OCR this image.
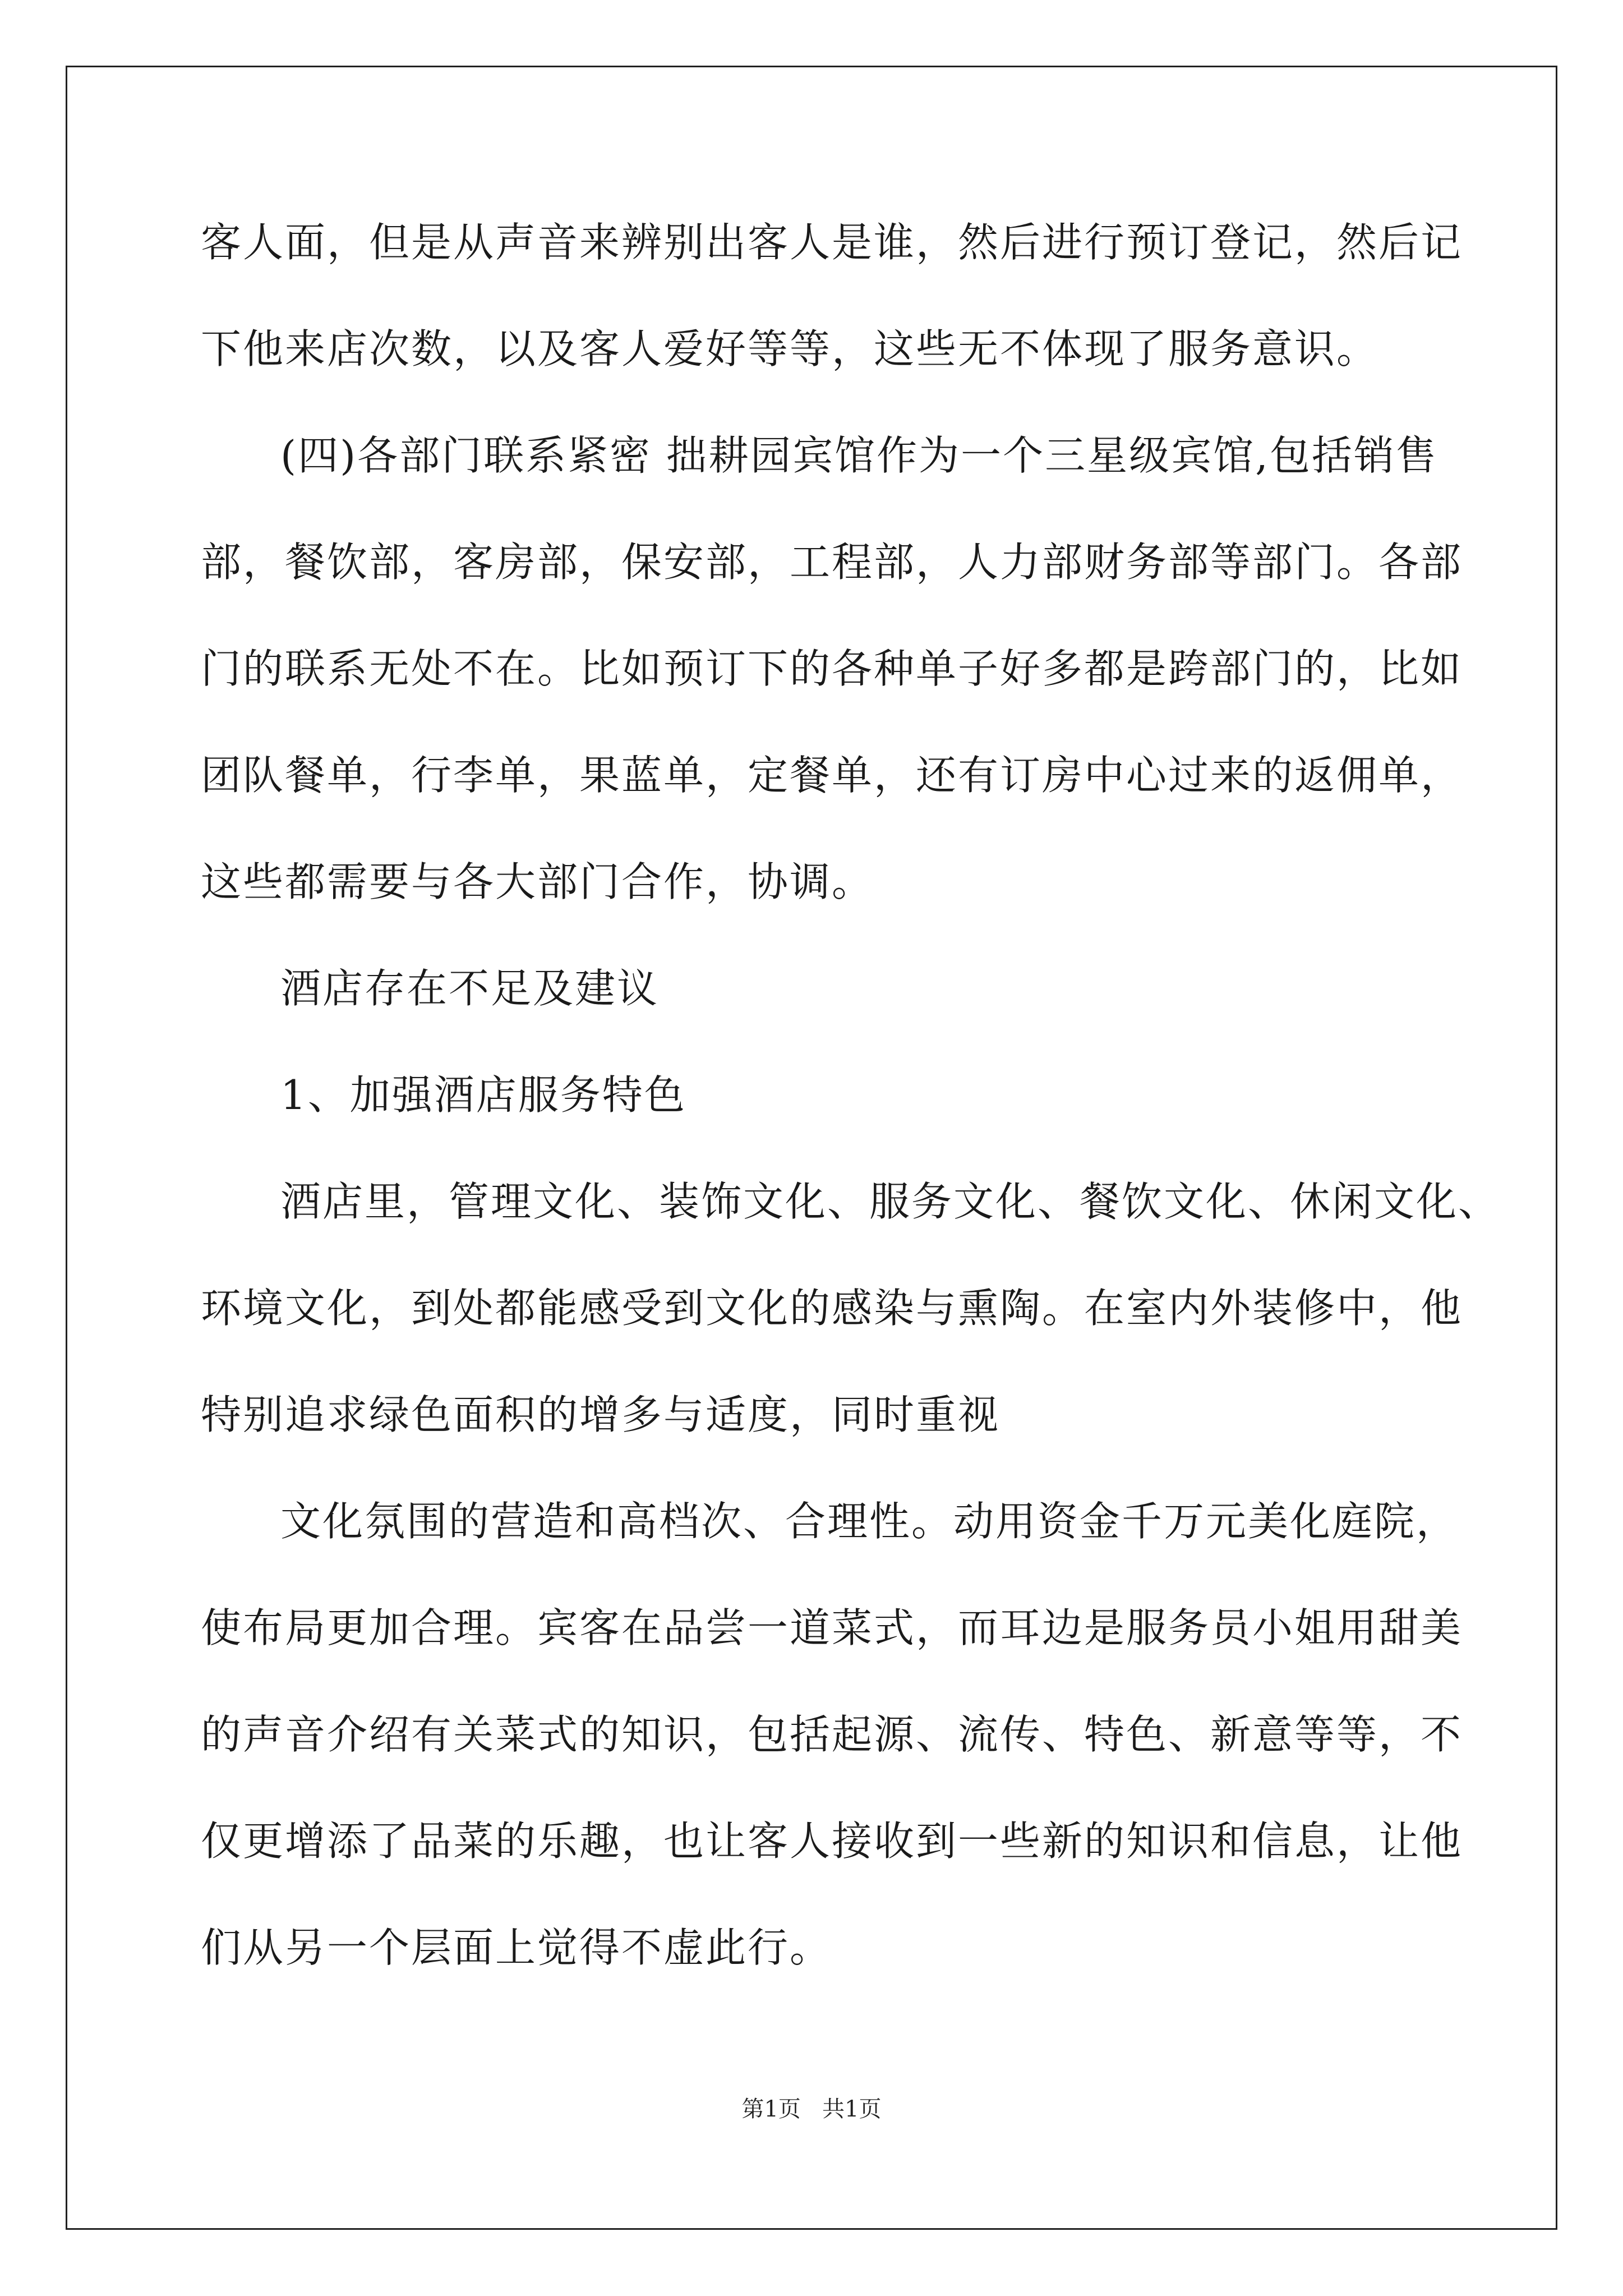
客人面，但是从声音来辨别出客人是谁，然后进行预订登记，然后记
下他来店次数，以及客人爱好等等，这些无不体现了服务意识。
(四)各部门联系紧密 拙耕园宾馆作为一个三星级宾馆,包括销售
部，餐饮部，客房部，保安部，工程部，人力部财务部等部门。各部
门的联系无处不在。比如预订下的各种单子好多都是跨部门的，比如
团队餐单，行李单，果蓝单，定餐单，还有订房中心过来的返佣单，
这些都需要与各大部门合作，协调。
酒店存在不足及建议
1、加强酒店服务特色
酒店里，管理文化、装饰文化、服务文化、餐饮文化、休闲文化、
环境文化，到处都能感受到文化的感染与熏陶。在室内外装修中，他
特别追求绿色面积的增多与适度，同时重视
文化氛围的营造和高档次、合理性。动用资金千万元美化庭院，
使布局更加合理。宾客在品尝一道菜式，而耳边是服务员小姐用甜美
的声音介绍有关菜式的知识，包括起源、流传、特色、新意等等，不
仅更增添了品菜的乐趣，也让客人接收到一些新的知识和信息，让他
们从另一个层面上觉得不虚此行。
第1页   共1页
